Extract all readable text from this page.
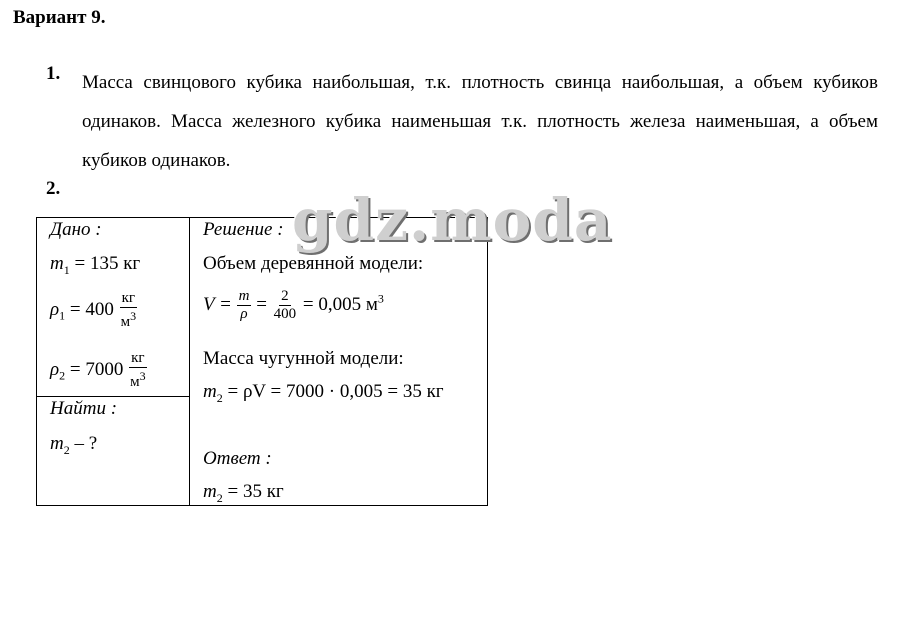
Вариант 9.
1. Масса свинцового кубика наибольшая, т.к. плотность свинца наибольшая, а объем кубиков одинаков. Масса железного кубика наименьшая т.к. плотность железа наименьшая, а объем кубиков одинаков.
2.
Дано :
$m_1 = 135$ кг
$\rho_1 = 400 \frac{кг}{м^3}$
$\rho_2 = 7000 \frac{кг}{м^3}$
Найти :
$m_2$ – ?
Решение :
Объем деревянной модели:
$V = \frac{m}{\rho} = \frac{2}{400} = 0,005$ $м^3$
Масса чугунной модели:
$m_2 = \rho V = 7000 \cdot 0,005 = 35$ кг
Ответ :
$m_2 = 35$ кг
gdz.moda
